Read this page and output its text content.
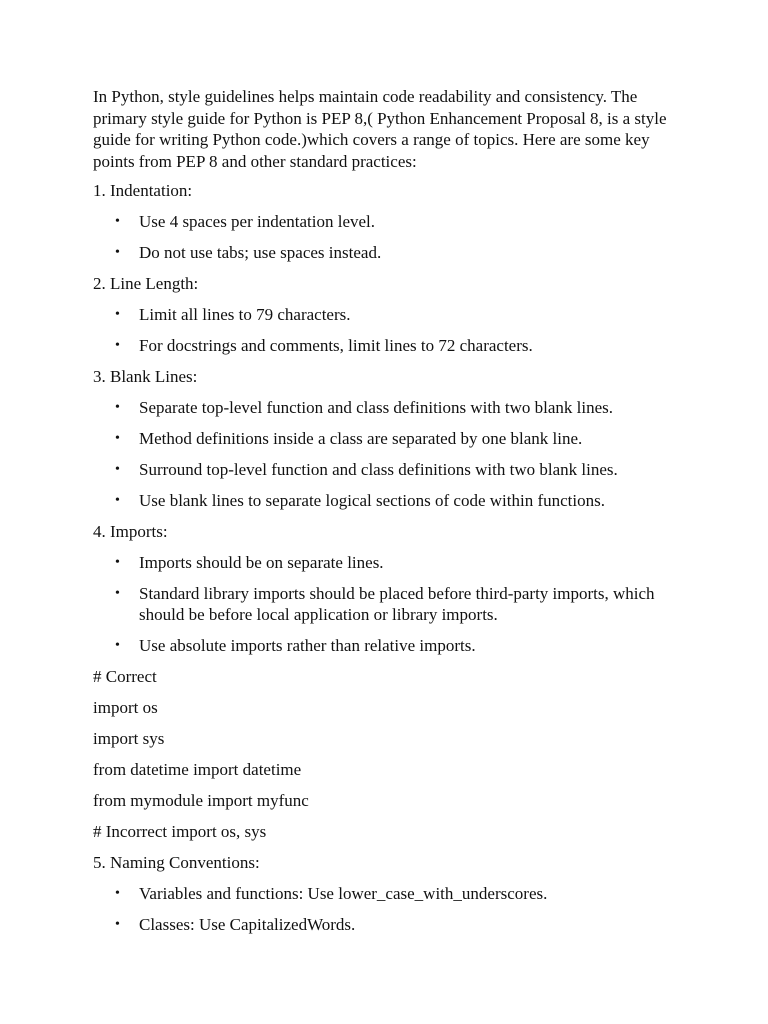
In Python, style guidelines helps maintain code readability and consistency. The primary style guide for Python is PEP 8,( Python Enhancement Proposal 8, is a style guide for writing Python code.)which covers a range of topics. Here are some key points from PEP 8 and other standard practices:

1. Indentation:

• Use 4 spaces per indentation level.
• Do not use tabs; use spaces instead.

2. Line Length:

• Limit all lines to 79 characters.
• For docstrings and comments, limit lines to 72 characters.

3. Blank Lines:

• Separate top-level function and class definitions with two blank lines.
• Method definitions inside a class are separated by one blank line.
• Surround top-level function and class definitions with two blank lines.
• Use blank lines to separate logical sections of code within functions.

4. Imports:

• Imports should be on separate lines.
• Standard library imports should be placed before third-party imports, which should be before local application or library imports.
• Use absolute imports rather than relative imports.

# Correct

import os

import sys

from datetime import datetime

from mymodule import myfunc

# Incorrect import os, sys

5. Naming Conventions:

• Variables and functions: Use lower_case_with_underscores.
• Classes: Use CapitalizedWords.
